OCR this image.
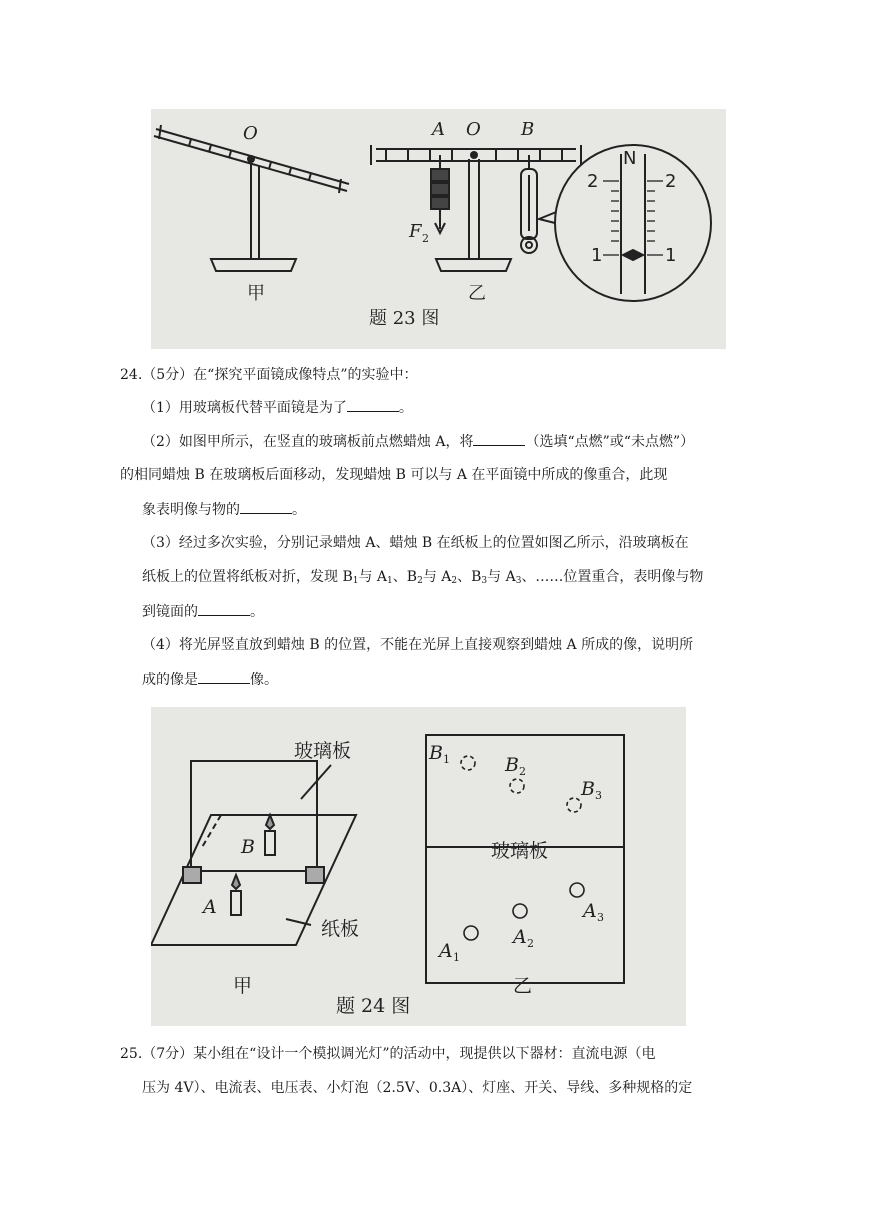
O	A O B
F 2
N
2	2
1	1
甲	乙
题 23 图
24.（5分）在“探究平面镜成像特点”的实验中：
（1）用玻璃板代替平面镜是为了	。
（2）如图甲所示，在竖直的玻璃板前点燃蜡烛 A，将	（选填“点燃”或“未点燃”）
的相同蜡烛 B 在玻璃板后面移动，发现蜡烛 B 可以与 A 在平面镜中所成的像重合，此现
象表明像与物的	。
（3）经过多次实验，分别记录蜡烛 A、蜡烛 B 在纸板上的位置如图乙所示，沿玻璃板在
纸板上的位置将纸板对折，发现 $B_1$与 $A_1$、$B_2$与 $A_2$、$B_3$与 $A_3$、……位置重合，表明像与物
到镜面的	。
（4）将光屏竖直放到蜡烛 B 的位置，不能在光屏上直接观察到蜡烛 A 所成的像，说明所
成的像是	像。
玻璃板
纸板
玻璃板
甲	乙
题 24 图
B
A
B
B
B
A
A
A
1
2
3
1
2
3
25.（7分）某小组在“设计一个模拟调光灯”的活动中，现提供以下器材：直流电源（电
压为 4V）、电流表、电压表、小灯泡（2.5V、0.3A）、灯座、开关、导线、多种规格的定
